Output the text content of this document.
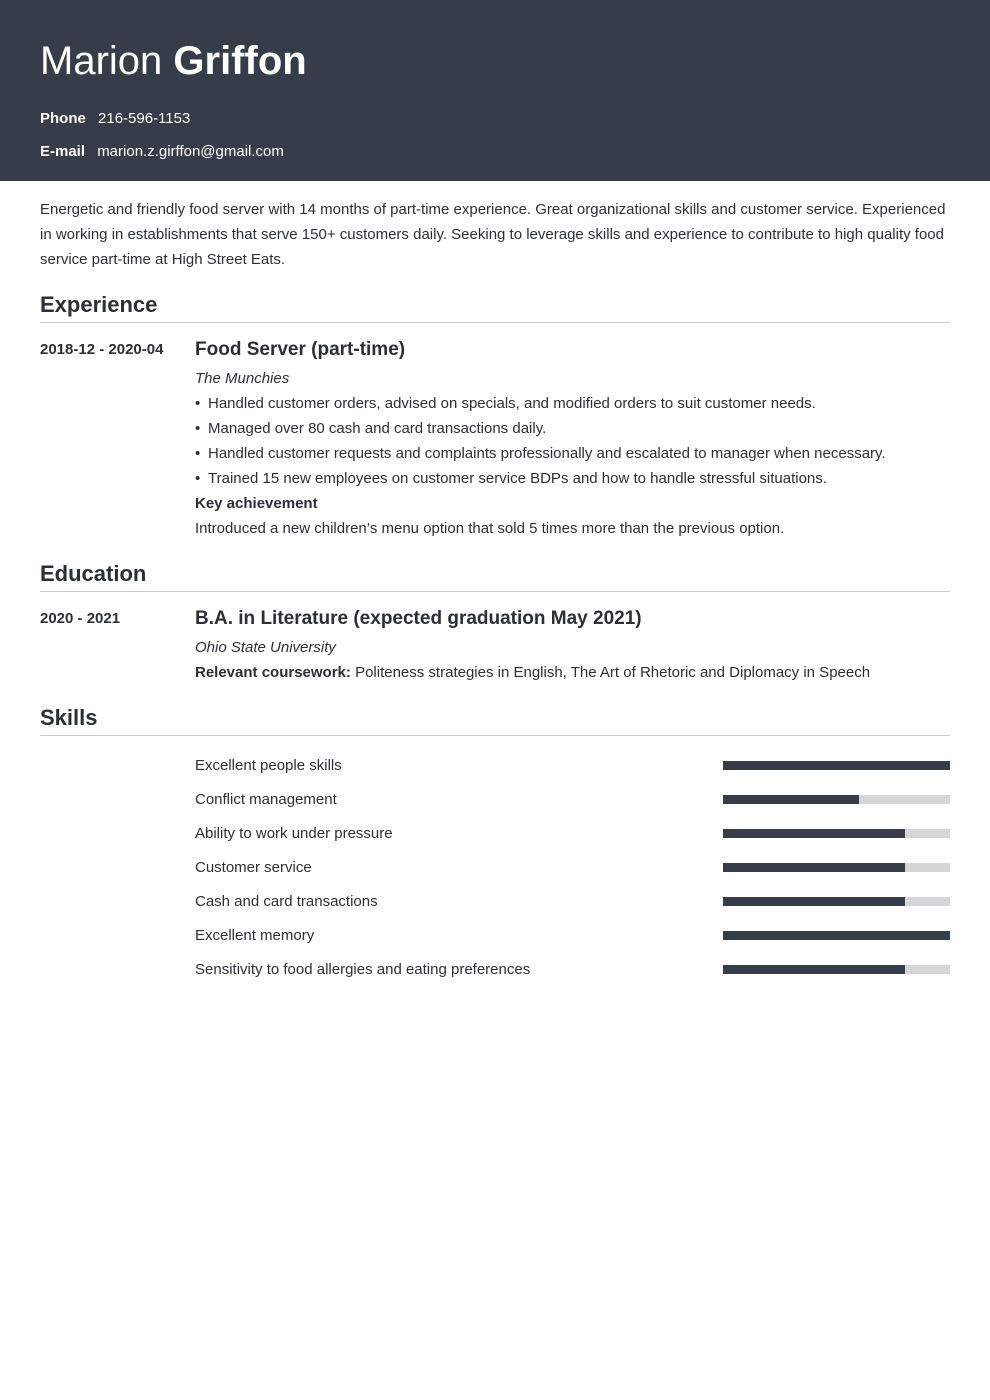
Marion Griffon
Phone 216-596-1153
E-mail marion.z.girffon@gmail.com

Energetic and friendly food server with 14 months of part-time experience. Great organizational skills and customer service. Experienced in working in establishments that serve 150+ customers daily. Seeking to leverage skills and experience to contribute to high quality food service part-time at High Street Eats.

Experience
2018-12 - 2020-04	Food Server (part-time)
The Munchies
• Handled customer orders, advised on specials, and modified orders to suit customer needs.
• Managed over 80 cash and card transactions daily.
• Handled customer requests and complaints professionally and escalated to manager when necessary.
• Trained 15 new employees on customer service BDPs and how to handle stressful situations.
Key achievement
Introduced a new children’s menu option that sold 5 times more than the previous option.
Education
2020 - 2021	B.A. in Literature (expected graduation May 2021)
Ohio State University
Relevant coursework: Politeness strategies in English, The Art of Rhetoric and Diplomacy in Speech
Skills
Excellent people skills
Conflict management
Ability to work under pressure
Customer service
Cash and card transactions
Excellent memory
Sensitivity to food allergies and eating preferences
